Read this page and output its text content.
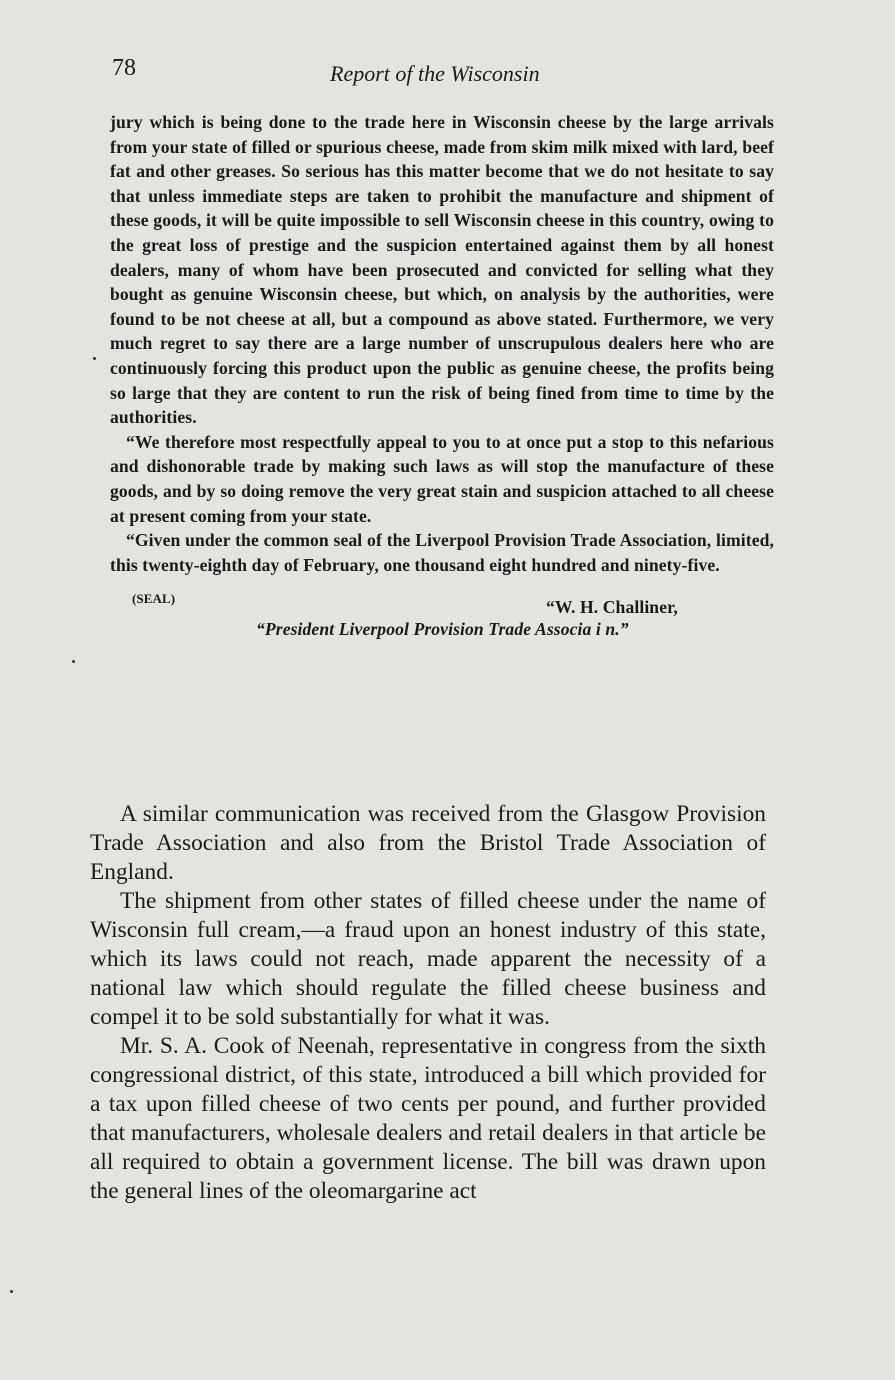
78	Report of the Wisconsin

jury which is being done to the trade here in Wisconsin cheese by the large arrivals from your state of filled or spurious cheese, made from skim milk mixed with lard, beef fat and other greases. So serious has this matter become that we do not hesitate to say that unless immediate steps are taken to prohibit the manufacture and shipment of these goods, it will be quite impossible to sell Wisconsin cheese in this country, owing to the great loss of prestige and the suspicion entertained against them by all honest dealers, many of whom have been prosecuted and convicted for selling what they bought as genuine Wisconsin cheese, but which, on analysis by the authorities, were found to be not cheese at all, but a compound as above stated. Furthermore, we very much regret to say there are a large number of unscrupulous dealers here who are continuously forcing this product upon the public as genuine cheese, the profits being so large that they are content to run the risk of being fined from time to time by the authorities.

“We therefore most respectfully appeal to you to at once put a stop to this nefarious and dishonorable trade by making such laws as will stop the manufacture of these goods, and by so doing remove the very great stain and suspicion attached to all cheese at present coming from your state.

“Given under the common seal of the Liverpool Provision Trade Association, limited, this twenty-eighth day of February, one thousand eight hundred and ninety-five.

(SEAL)	“W. H. Challiner,
“President Liverpool Provision Trade Associa i n.”

A similar communication was received from the Glasgow Provision Trade Association and also from the Bristol Trade Association of England.

The shipment from other states of filled cheese under the name of Wisconsin full cream,—a fraud upon an honest industry of this state, which its laws could not reach, made apparent the necessity of a national law which should regulate the filled cheese business and compel it to be sold substantially for what it was.

Mr. S. A. Cook of Neenah, representative in congress from the sixth congressional district, of this state, introduced a bill which provided for a tax upon filled cheese of two cents per pound, and further provided that manufacturers, wholesale dealers and retail dealers in that article be all required to obtain a government license. The bill was drawn upon the general lines of the oleomargarine act
